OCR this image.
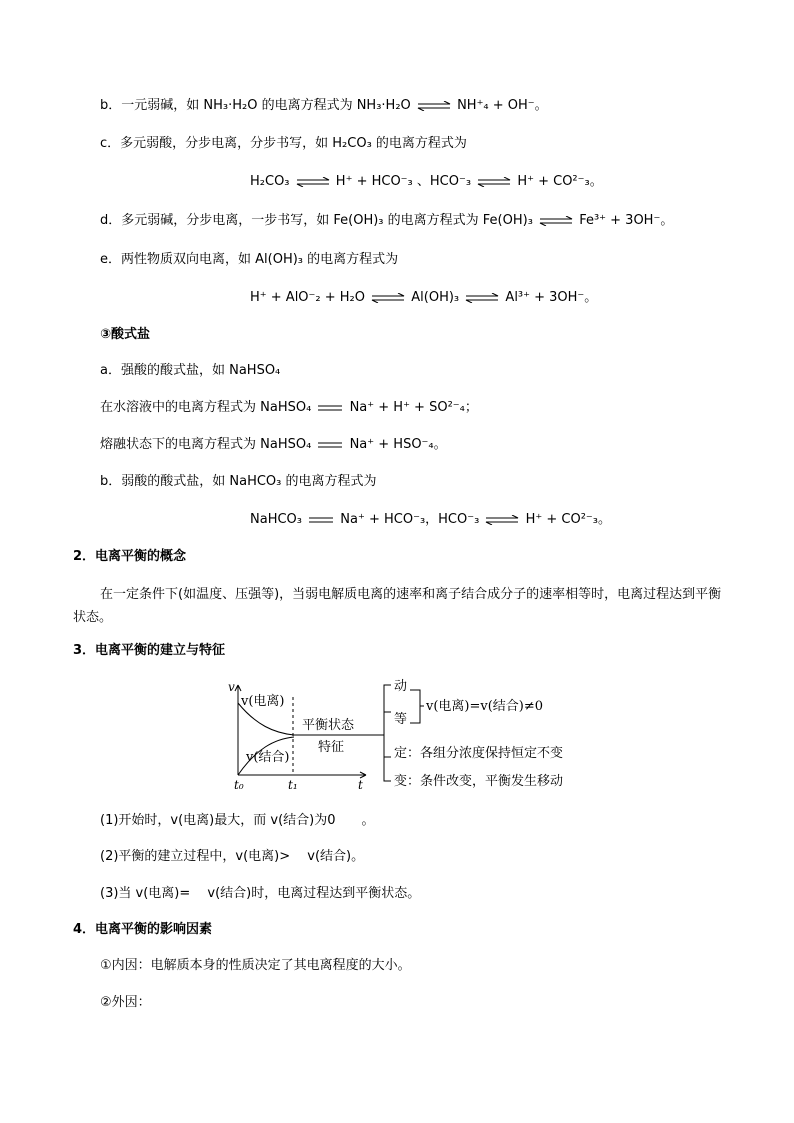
b．一元弱碱，如 NH₃·H₂O 的电离方程式为 NH₃·H₂O ⇌ NH⁺₄ + OH⁻。
c．多元弱酸，分步电离，分步书写，如 H₂CO₃ 的电离方程式为
H₂CO₃ ⇌ H⁺ + HCO⁻₃ 、HCO⁻₃ ⇌ H⁺ + CO²⁻₃。
d．多元弱碱，分步电离，一步书写，如 Fe(OH)₃ 的电离方程式为 Fe(OH)₃ ⇌ Fe³⁺ + 3OH⁻。
e．两性物质双向电离，如 Al(OH)₃ 的电离方程式为
H⁺ + AlO⁻₂ + H₂O ⇌ Al(OH)₃ ⇌ Al³⁺ + 3OH⁻。
③酸式盐
a．强酸的酸式盐，如 NaHSO₄
在水溶液中的电离方程式为 NaHSO₄	Na⁺ + H⁺ + SO²⁻₄；
熔融状态下的电离方程式为 NaHSO₄	Na⁺ + HSO⁻₄。
b．弱酸的酸式盐，如 NaHCO₃ 的电离方程式为
NaHCO₃	Na⁺ + HCO⁻₃，HCO⁻₃ ⇌ H⁺ + CO²⁻₃。
2．电离平衡的概念
在一定条件下(如温度、压强等)，当弱电解质电离的速率和离子结合成分子的速率相等时，电离过程达到平衡状态。
3．电离平衡的建立与特征
v
t
t₀	t₁
v(电离)
v(结合)
平衡状态
特征
动
等
v(电离)=v(结合)≠0
定：各组分浓度保持恒定不变
变：条件改变，平衡发生移动
(1)开始时，v(电离)最大，而 v(结合)为0　　。
(2)平衡的建立过程中，v(电离)>　 v(结合)。
(3)当 v(电离)=　 v(结合)时，电离过程达到平衡状态。
4．电离平衡的影响因素
①内因：电解质本身的性质决定了其电离程度的大小。
②外因：
